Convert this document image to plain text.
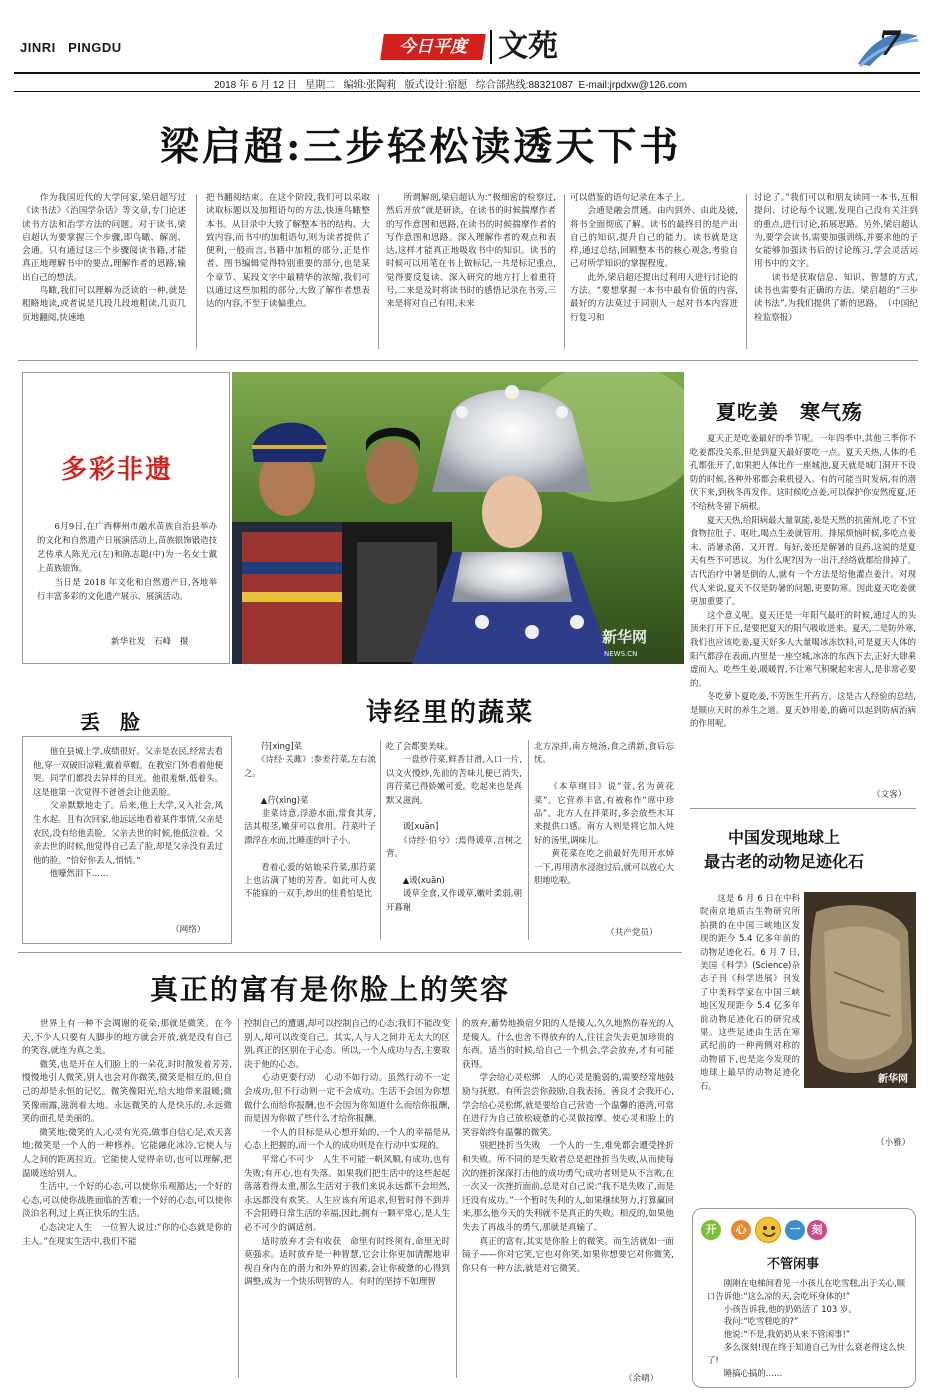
JINRI   PINGDU	今日平度	文苑	7
2018 年 6 月 12 日   星期二   编辑:张陶莉   版式设计:宿愿   综合部热线:88321087  E-mail:jrpdxw@126.com
梁启超:三步轻松读透天下书
　　作为我国近代的大学问家,梁启超写过《读书法》《治国学杂话》等文章,专门论述读书方法和治学方法的问题。对于读书,梁启超认为要掌握三个步骤,即鸟瞰、解剖、会通。只有通过这三个步骤阅读书籍,才能真正地理解书中的要点,理解作者的思路,输出自己的想法。
　　鸟瞰,我们可以理解为泛读的一种,就是粗略地读,或者说是几段几段地粗读,几页几页地翻阅,快速地
把书翻阅结束。在这个阶段,我们可以采取读取标题以及加粗语句的方法,快速鸟瞰整本书。从目录中大致了解整本书的结构、大致内容,而书中的加粗语句,则为读者提供了便利,一般而言,书籍中加粗的部分,正是作者、图书编辑觉得特别重要的部分,也是某个章节、某段文字中最精华的浓缩,我们可以通过这些加粗的部分,大致了解作者想表达的内容,不至于读偏重点。
　　所谓解剖,梁启超认为:“极细密的检察过,然后开放”就是研读。在读书的时候揣摩作者的写作意图和思路,在读书的时候揣摩作者的写作意图和思路。深入理解作者的观点和表达,这样才能真正地吸收书中的知识。读书的时候可以用笔在书上做标记,一共是标记重点,觉得要反复读、深入研究的地方打上着重符号,二来是及时将读书时的感悟记录在书旁,三来是将对自己有用,未来
可以借鉴的语句记录在本子上。
　　会通是融会贯通。由内到外、由此及彼,将书全面彻底了解。读书的最终目的是产出自己的知识,提升自己的能力。读书就是这样,通过总结,回顾整本书的核心观念,考验自己对所学知识的掌握程度。
　　此外,梁启超还提出过利用人进行讨论的方法。“要想掌握一本书中最有价值的内容,最好的方法莫过于同别人一起对书本内容进行复习和
讨论了。”我们可以和朋友读同一本书,互相提问、讨论每个议题,发现自己没有关注到的重点,进行讨论,拓展思路。另外,梁启超认为,要学会读书,需要加强训练,并要求他的子女能够加强读书后的讨论练习,学会灵活运用书中的文字。
　　读书是获取信息、知识、智慧的方式,读书也需要有正确的方法。梁启超的“三步读书法”,为我们提供了新的思路。　（中国纪检监察报）
多彩非遗
　　6月9日,在广西柳州市融水苗族自治县举办的文化和自然遗产日展演活动上,苗族银饰锻造技艺传承人陈光元(左)和陈志聪(中)为一名女士戴上苗族银饰。
　　当日是 2018 年文化和自然遗产日,各地举行丰富多彩的文化遗产展示、展演活动。
新华社发　石峰　摄	新华网
NEWS.CN
夏吃姜　寒气殇
　　夏天正是吃姜最好的季节呢。一年四季中,其他三季你不吃姜都没关系,但是到夏天最好要吃一点。夏天天热,人体的毛孔都张开了,如果把人体比作一座城池,夏天就是城门洞开不设防的时候,各种外邪都会乘机侵入。有的可能当时发病,有的潜伏下来,到秋冬再发作。这时候吃点姜,可以保护你安然度夏,还不给秋冬留下病根。
　　夏天天热,给阳病最大量氧能,姜是天然的抗菌剂,吃了不宜食物拉肚子、呕吐,喝点生姜就管用。排尿烦恼时候,多吃点姜末、消暑杀菌、又开胃。每好,姜还是解暑的良药,这说的是夏天有些不可思议。为什么呢?因为一出汗,经络就都给排掉了。古代治疗中暑是倒的人,就有一个方法是给他灌点姜汁。对现代人来说,夏天不仅是防暑的问题,更要防寒。因此夏天吃姜就更加重要了。
　　这个意义呢。夏天还是一年阳气最旺的时候,通过人的头顶来打开下丘,是要把夏天的阳气吸收进来。夏天,二是防外寒,我们也应该吃姜,夏天好多人大量喝冰冻饮料,可是夏天人体的阳气都浮在表面,内里是一座空城,冰冻的东西下去,正好大肆乘虚而入。吃些生姜,暖暖胃,不让寒气积聚起来害人,是非常必要的。
　　冬吃萝卜夏吃姜,不劳医生开药方。这是古人经验的总结,是顺应天时的养生之道。夏天妙用姜,的确可以起到防病治病的作用呢。
（文客）
中国发现地球上
最古老的动物足迹化石
　　这是 6 月 6 日在中科院南京地质古生物研究所拍摄的在中国三峡地区发现的距今 5.4 亿多年前的动物足迹化石。6 月 7 日,美国《科学》(Science)杂志子刊《科学进展》刊发了中美科学家在中国三峡地区发现距今 5.4 亿多年前动物足迹化石的研究成果。这些足迹由生活在寒武纪前的一种两侧对称的动物留下,也是迄今发现的地球上最早的动物足迹化石。
新华网
（小雅）
丢　脸
　　他在县城上学,成绩很好。父亲是农民,经常去看他,穿一双破旧凉鞋,戴着草帽。在教室门外看着他便哭。同学们都投去异样的目光。他很羞惭,低着头。这是他第一次觉得不爸爸会让他丢脸。
　　父亲默默地走了。后来,他上大学,又入社会,风生水起。且有次回家,他远远地看着某件事情,父亲是农民,没有给他丢脸。父亲去世的时候,他低泣着。父亲去世的时候,他觉得自己丢了脸,却是父亲没有丢过他的脸。“恰好你丢人,悄悄。”
　　他嚎然泪下……
（网络）
诗经里的蔬菜
　　荇[xìng]菜
　　《诗经·关雎》:参差荇菜,左右流之。

　　▲荇(xìng)菜
　　韭菜诗意,浮游水面,常食其芽,活其根茎,嫩芽可以食用。荇菜叶子漂浮在水面,比睡莲的叶子小。

　　看着心爱的姑娘采荇菜,那荇菜上也沾满了她的芳香。如此可人夜不能寐的一双手,炒出的佳肴怕是比
吃了会都要美味。
　　一盘炒荇菜,鲜香甘滑,入口一片,以文火慢炒,先前的苦味儿便已消失,再荇菜已得娇嫩可爱。吃起来也是真默又滋润。

　　谖[xuān]
　　《诗经·伯兮》:焉得谖草,言树之背。

　　▲谖(xuān)
　　谖草全食,又作谖草,嫩叶柔弱,朝开暮谢
北方凉拌,南方炖汤,食之清新,食后忘忧。

　　《本草纲目》说“萱,名为黄花菜”。它营养丰富,有被称作“席中珍品”。北方人在拌菜时,多会放些木耳来提供口感。南方人则是将它加入炖好的汤里,调味儿。
　　黄花菜在吃之前最好先用开水焯一下,再用清水浸泡过后,就可以放心大胆地吃啦。
（共产党员）
真正的富有是你脸上的笑容
　　世界上有一种不会凋谢的花朵,那就是微笑。在今天,不少人只要有人脚步的地方就会开放,就是没有自己的笑容,就连为真之美。
　　微笑,也是开在人们脸上的一朵花,时时散发着芳芳,慢慢地引人微笑,别人也会对你微笑,微笑是相互的,但自己的却是永恒的记忆。微笑像阳光,给大地带来温暖;微笑像雨露,滋润着大地。永远微笑的人是快乐的,永远微笑的面孔是美丽的。
　　微笑地;微笑的人,心灵有光亮,做事自信心足,欢天喜地;微笑是一个人的一种修养。它能融化冰冷,它使人与人之间的距离拉近。它能使人觉得亲切,也可以理解,把温暖送给别人。
　　生活中,一个好的心态,可以使你乐观豁达;一个好的心态,可以使你战胜面临的苦难;一个好的心态,可以使你淡泊名利,过上真正快乐的生活。
　　心态决定人生　一位智人说过:“你的心态就是你的主人。”在现实生活中,我们不能
控制自己的遭遇,却可以控制自己的心态;我们不能改变别人,却可以改变自己。其实,人与人之间并无太大的区别,真正的区别在于心态。所以,一个人成功与否,主要取决于他的心态。
　　心动更要行动　心动不如行动。虽然行动不一定会成功,但不行动则一定不会成功。生活不会因为你想做什么而给你报酬,也不会因为你知道什么而给你报酬,而是因为你做了些什么才给你报酬。
　　一个人的目标是从心想开始的,一个人的幸福是从心态上把握的,而一个人的成功则是在行动中实现的。
　　平常心不可少　人生不可能一帆风顺,有成功,也有失败;有开心,也有失落。如果我们把生活中的这些起起落落看得太重,那么生活对于我们来说永远都不会坦然,永远都没有欢笑。人生应该有所追求,但暂时得不到并不会阻碍日常生活的幸福,因此,拥有一颗平常心,是人生必不可少的调适剂。
　　适时放弃才会有收获　命里有时终须有,命里无时莫强求。适时放弃是一种智慧,它会让你更加清醒地审视自身内在的潜力和外界的因素,会让你疲惫的心得到调整,成为一个快乐明智的人。有时的坚持不如理智
的放弃,蓄势地换宿夕阳的人是傻人,久久地熬伤春光的人是傻人。什么也舍不得放弃的人,往往会失去更加珍贵的东西。适当的时候,给自己一个机会,学会放弃,才有可能获得。
　　学会给心灵松绑　人的心灵是脆弱的,需要经常地鼓励与抚慰。有所尝尝你鼓励,自我表扬。善良才会我开心,学会给心灵松绑,就是要给自己营造一个温馨的港湾,可常在进行为自己放松疲惫的心灵做按摩。使心灵和脸上的笑容始终有温馨的微笑。
　　别把挫折当失败　一个人的一生,难免都会遭受挫折和失败。所不同的是失败者总是把挫折当失败,从而使每次的挫折深深打击他的成功勇气;成功者则是从不言败,在一次又一次挫折面前,总是对自己说:“我不是失败了,而是还没有成功。”一个暂时失利的人,如果继续努力,打算赢回来,那么他今天的失利就不是真正的失败。相反的,如果他失去了再战斗的勇气,那就是真输了。
　　真正的富有,其实是你脸上的微笑。而生活就如一面镜子——你对它笑,它也对你笑,如果你想要它对你微笑,你只有一种方法,就是对它微笑。
（余晴）
开	心	一	刻
不管闲事
　　刚刚在电梯间看见一小孩儿在吃雪糕,出于关心,顺口告诉他:“这么凉的天,会吃坏身体的!”
　　小孩告诉我,他的奶奶活了 103 岁。
　　我问:“吃雪糕吃的?”
　　他说:“不是,我奶奶从来不管闲事!”
　　多么深刻!现在终于知道自己为什么衰老得这么快了!
　　睡搞心搞的……
